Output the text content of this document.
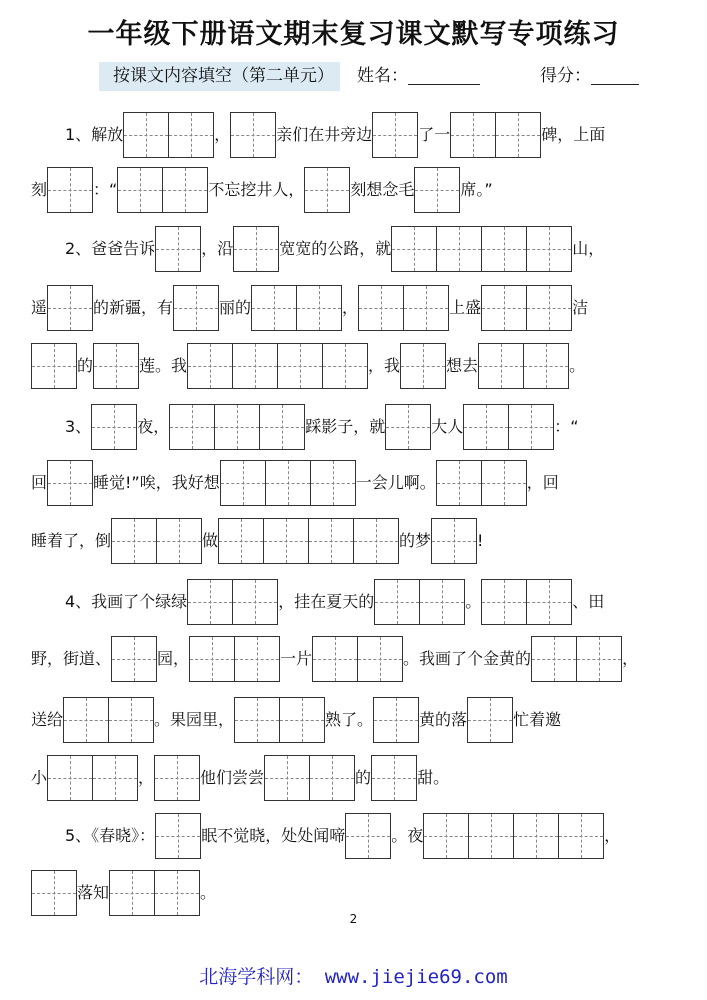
一年级下册语文期末复习课文默写专项练习
按课文内容填空（第二单元）	姓名：	得分：
1、解放	，	亲们在井旁边	了一	碑，上面
刻	：“	不忘挖井人，	刻想念毛	席。”
2、爸爸告诉	，沿	宽宽的公路，就	山，
遥	的新疆，有	丽的	，	上盛	洁
的	莲。我	，我	想去	。
3、	夜，	踩影子，就	大人	：“
回	睡觉!”唉，我好想	一会儿啊。	，回
睡着了，倒	做	的梦	!
4、我画了个绿绿	，挂在夏天的	。	、田
野，街道、	园，	一片	。我画了个金黄的	，
送给	。果园里，	熟了。	黄的落	忙着邀
小	，	他们尝尝	的	甜。
5、《春晓》：	眠不觉晓，处处闻啼	。夜	，
落知	。
2
北海学科网： www.jiejie69.com
